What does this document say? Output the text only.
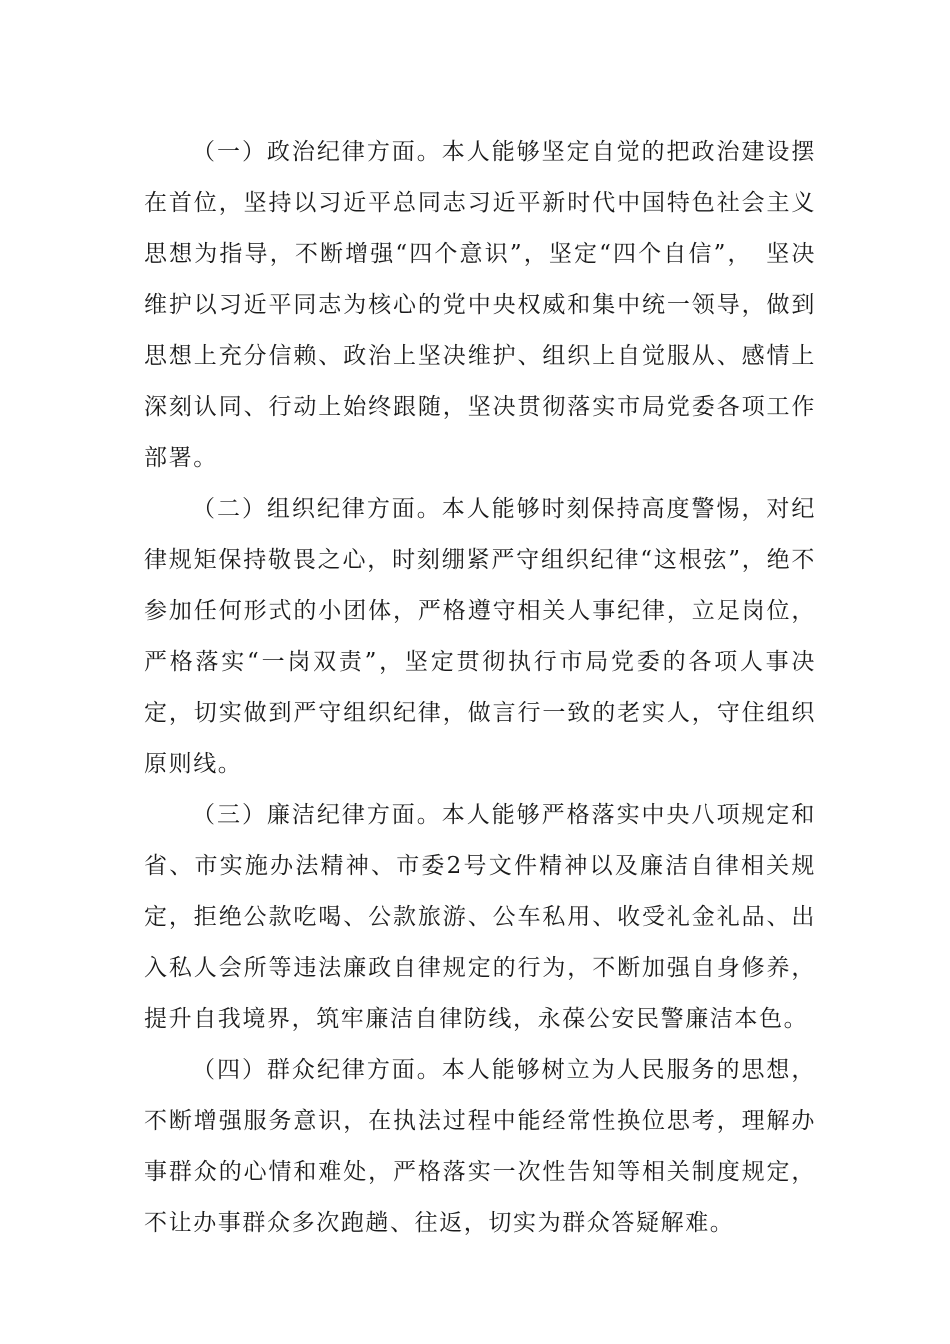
（一）政治纪律方面。本人能够坚定自觉的把政治建设摆在首位，坚持以习近平总同志习近平新时代中国特色社会主义思想为指导，不断增强“四个意识”，坚定“四个自信”，　坚决维护以习近平同志为核心的党中央权威和集中统一领导，做到思想上充分信赖、政治上坚决维护、组织上自觉服从、感情上深刻认同、行动上始终跟随，坚决贯彻落实市局党委各项工作部署。

（二）组织纪律方面。本人能够时刻保持高度警惕，对纪律规矩保持敬畏之心，时刻绷紧严守组织纪律“这根弦”，绝不参加任何形式的小团体，严格遵守相关人事纪律，立足岗位，严格落实“一岗双责”，坚定贯彻执行市局党委的各项人事决定，切实做到严守组织纪律，做言行一致的老实人，守住组织原则线。

（三）廉洁纪律方面。本人能够严格落实中央八项规定和省、市实施办法精神、市委2号文件精神以及廉洁自律相关规定，拒绝公款吃喝、公款旅游、公车私用、收受礼金礼品、出入私人会所等违法廉政自律规定的行为，不断加强自身修养，提升自我境界，筑牢廉洁自律防线，永葆公安民警廉洁本色。

（四）群众纪律方面。本人能够树立为人民服务的思想，不断增强服务意识，在执法过程中能经常性换位思考，理解办事群众的心情和难处，严格落实一次性告知等相关制度规定，不让办事群众多次跑趟、往返，切实为群众答疑解难。
